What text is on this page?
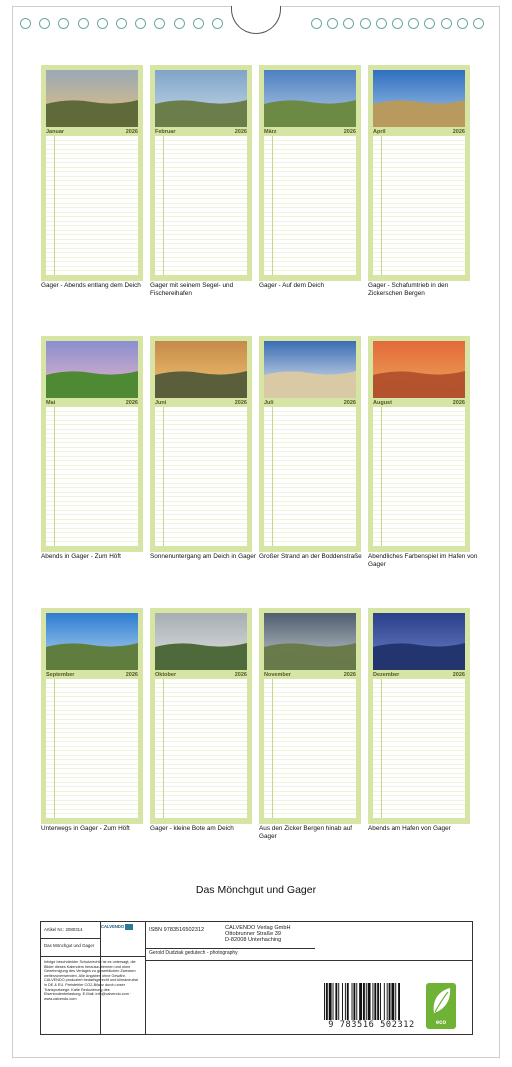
Januar	2026
Gager - Abends entlang dem Deich
Februar	2026
Gager mit seinem Segel- und Fischereihafen
März	2026
Gager - Auf dem Deich
April	2026
Gager - Schafumtrieb in den Zickerschen Bergen
Mai	2026
Abends in Gager - Zum Höft
Juni	2026
Sonnenuntergang am Deich in Gager
Juli	2026
Großer Strand an der Boddenstraße
August	2026
Abendliches Farbenspiel im Hafen von Gager
September	2026
Unterwegs in Gager - Zum Höft
Oktober	2026
Gager - kleine Bote am Deich
November	2026
Aus den Zicker Bergen hinab auf Gager
Dezember	2026
Abends am Hafen von Gager
Das Mönchgut und Gager
Artikel Nr.: 2080314
Das Mönchgut und Gager
Infolge beschränkter Schutzrechte ist es untersagt, die Bilder dieses Kalenders herauszutrennen und ohne Genehmigung des Verlages zu gewerblichen Zwecken weiterzuverwenden. Alle Angaben ohne Gewähr. CALVENDO produziert bedarfsgerecht und klimaneutral in DE & EU. Preisfehler CO2-Bilanz durch unser Transportwege. Kalte Reduzierung des Eisenbodenbelastung. E-Mail: info@calvendo.com · www.calvendo.com
ISBN 9783516502312	CALVENDO Verlag GmbH
Ottobrunner Straße 39
D-82008 Unterhaching
Gerold Dudziak gedutech - photography
CALVENDO
9 783516 502312	eco
